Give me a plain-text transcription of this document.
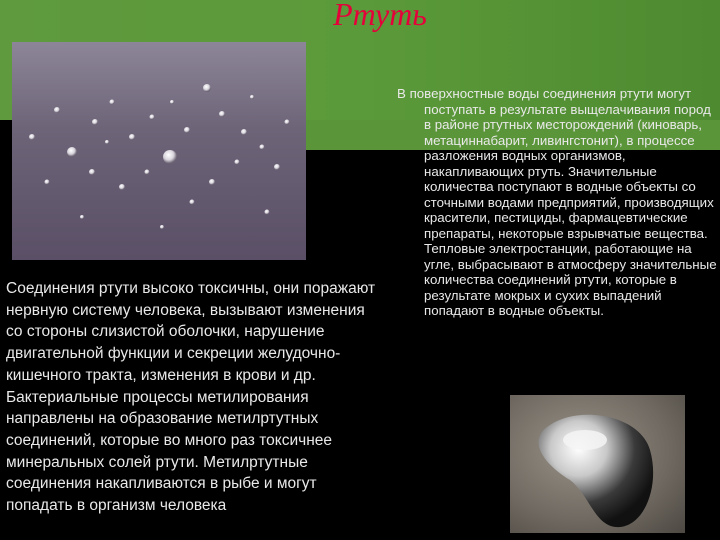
Ртуть
Соединения ртути высоко токсичны, они поражают нервную систему человека, вызывают изменения со стороны слизистой оболочки, нарушение двигательной функции и секреции желудочно-кишечного тракта, изменения в крови и др. Бактериальные процессы метилирования направлены на образование метилртутных соединений, которые во много раз токсичнее минеральных солей ртути. Метилртутные соединения накапливаются в рыбе и могут попадать в организм человека

В поверхностные воды соединения ртути могут поступать в результате выщелачивания пород в районе ртутных месторождений (киноварь, метациннабарит, ливингстонит), в процессе разложения водных организмов, накапливающих ртуть. Значительные количества поступают в водные объекты со сточными водами предприятий, производящих красители, пестициды, фармацевтические препараты, некоторые взрывчатые вещества. Тепловые электростанции, работающие на угле, выбрасывают в атмосферу значительные количества соединений ртути, которые в результате мокрых и сухих выпадений попадают в водные объекты.
